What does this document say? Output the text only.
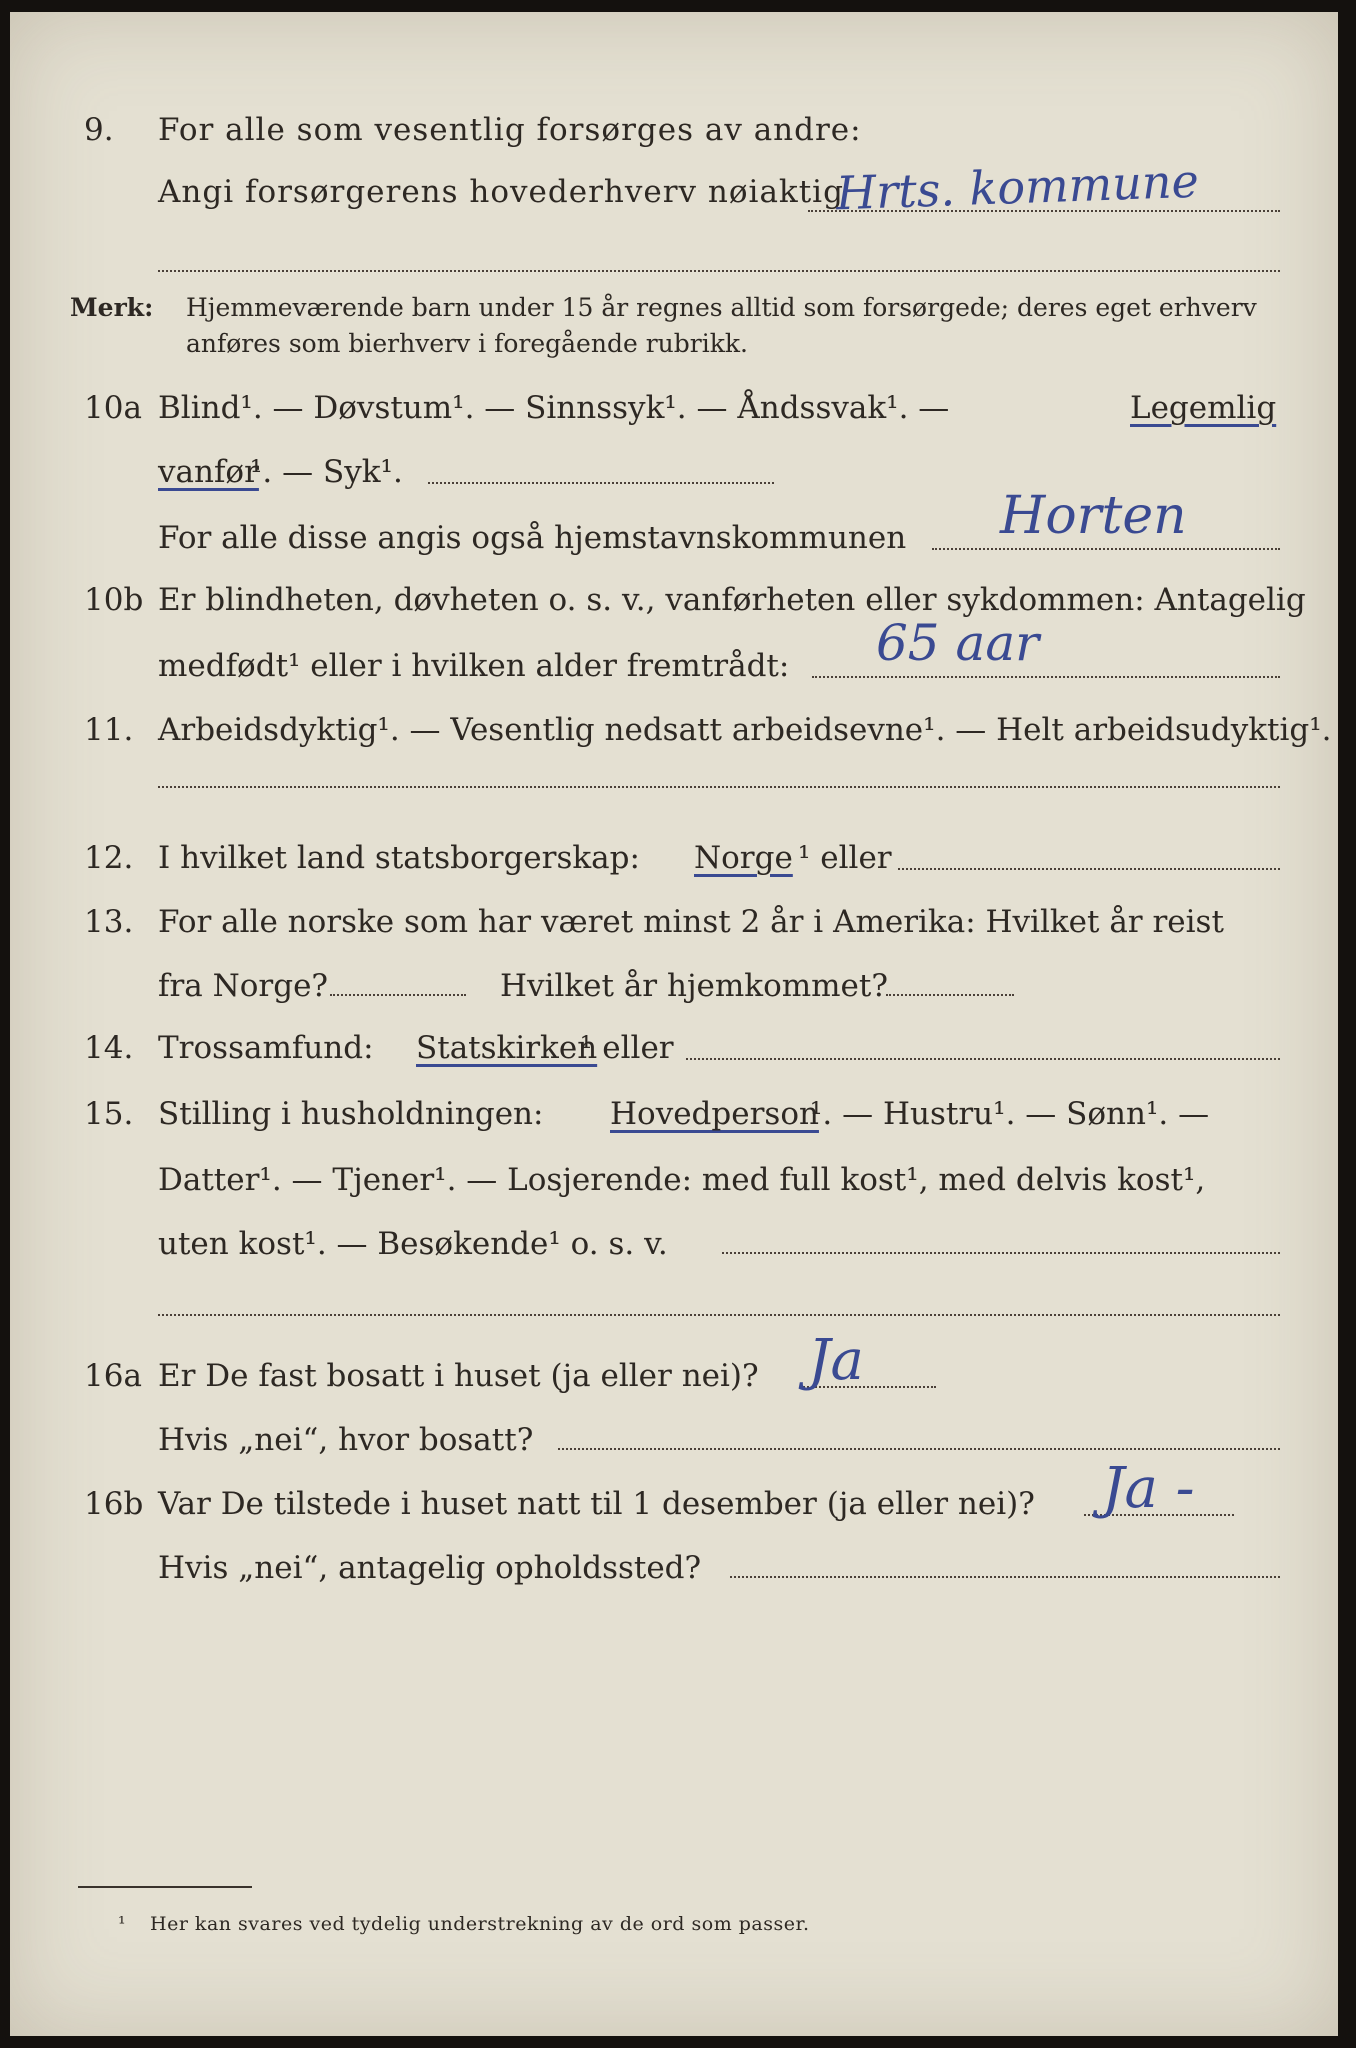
9. For alle som vesentlig forsørges av andre:
Angi forsørgerens hovederhverv nøiaktig
Hrts. kommune
Merk: Hjemmeværende barn under 15 år regnes alltid som forsørgede; deres eget erhverv
anføres som bierhverv i foregående rubrikk.
10a Blind¹. — Døvstum¹. — Sinnssyk¹. — Åndssvak¹. —	Legemlig
vanfør
¹. — Syk¹.
For alle disse angis også hjemstavnskommunen Horten
10b Er blindheten, døvheten o. s. v., vanførheten eller sykdommen: Antagelig
medfødt¹ eller i hvilken alder fremtrådt: 65 aar
11. Arbeidsdyktig¹. — Vesentlig nedsatt arbeidsevne¹. — Helt arbeidsudyktig¹.
12. I hvilket land statsborgerskap: Norge ¹ eller
13. For alle norske som har været minst 2 år i Amerika: Hvilket år reist
fra Norge?	Hvilket år hjemkommet?
14. Trossamfund: Statskirken
¹ eller
15. Stilling i husholdningen: Hovedperson
¹. — Hustru¹. — Sønn¹. —
Datter¹. — Tjener¹. — Losjerende: med full kost¹, med delvis kost¹,
uten kost¹. — Besøkende¹ o. s. v.
16a Er De fast bosatt i huset (ja eller nei)? Ja
Hvis „nei“, hvor bosatt?
16b Var De tilstede i huset natt til 1 desember (ja eller nei)? Ja -
Hvis „nei“, antagelig opholdssted?
¹ Her kan svares ved tydelig understrekning av de ord som passer.
